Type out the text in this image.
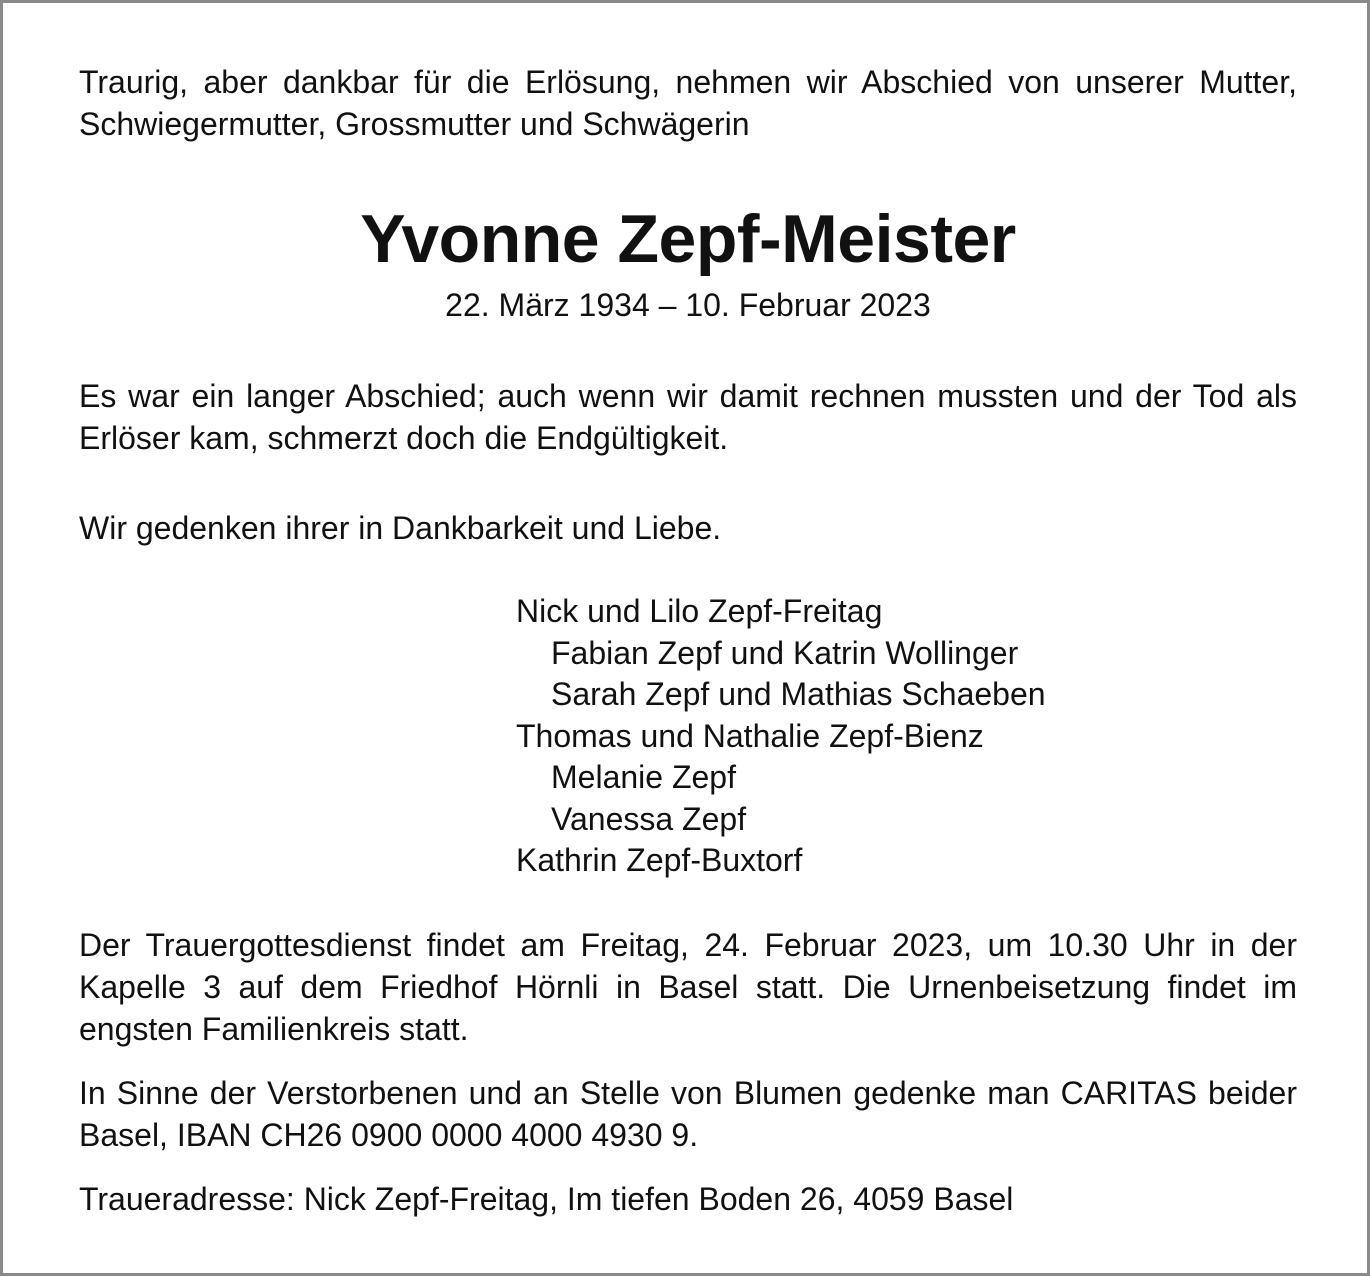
Traurig, aber dankbar für die Erlösung, nehmen wir Abschied von unserer Mutter, Schwiegermutter, Grossmutter und Schwägerin

Yvonne Zepf-Meister
22. März 1934 – 10. Februar 2023

Es war ein langer Abschied; auch wenn wir damit rechnen mussten und der Tod als Erlöser kam, schmerzt doch die Endgültigkeit.

Wir gedenken ihrer in Dankbarkeit und Liebe.

Nick und Lilo Zepf-Freitag
Fabian Zepf und Katrin Wollinger
Sarah Zepf und Mathias Schaeben
Thomas und Nathalie Zepf-Bienz
Melanie Zepf
Vanessa Zepf
Kathrin Zepf-Buxtorf

Der Trauergottesdienst findet am Freitag, 24. Februar 2023, um 10.30 Uhr in der Kapelle 3 auf dem Friedhof Hörnli in Basel statt. Die Urnenbeisetzung findet im engsten Familienkreis statt.

In Sinne der Verstorbenen und an Stelle von Blumen gedenke man CARITAS beider Basel, IBAN CH26 0900 0000 4000 4930 9.

Traueradresse: Nick Zepf-Freitag, Im tiefen Boden 26, 4059 Basel
